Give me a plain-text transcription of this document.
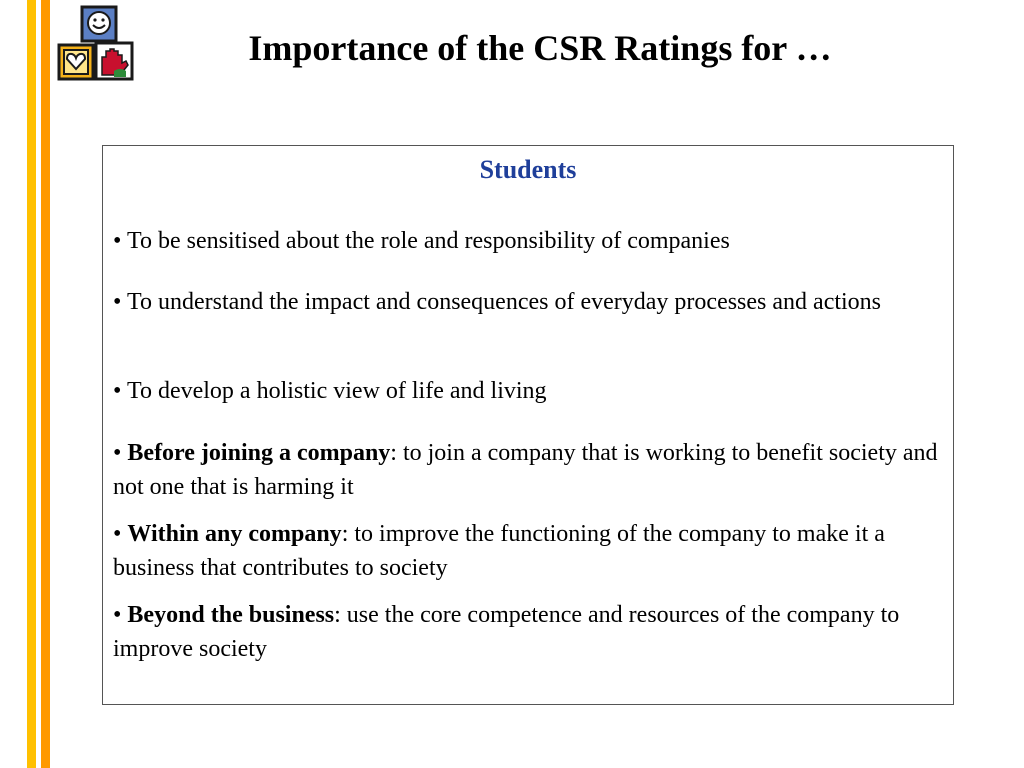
Importance of the CSR Ratings for …
Students
• To be sensitised about the role and responsibility of companies
• To understand the impact and consequences of everyday processes and actions
• To develop a holistic view of life and living
• Before joining a company: to join a company that is working to benefit society and not one that is harming it
• Within any company: to improve the functioning of the company to make it a business that contributes to society
• Beyond the business: use the core competence and resources of the company to improve society
